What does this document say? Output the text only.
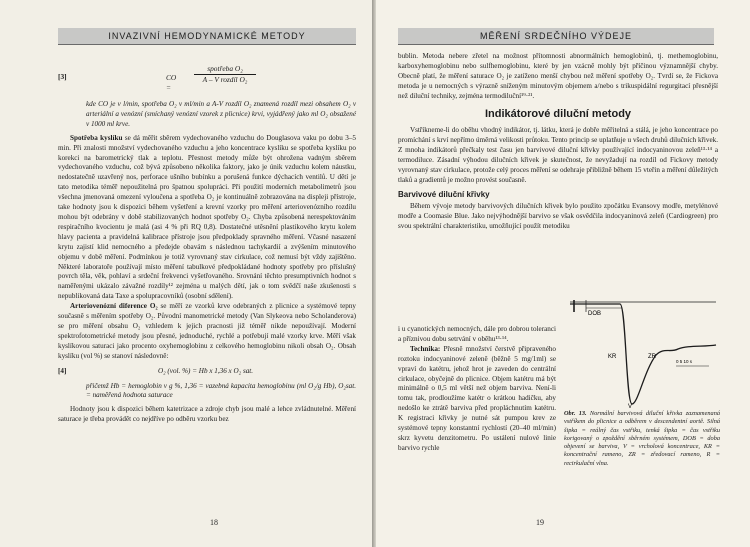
INVAZIVNÍ HEMODYNAMICKÉ METODY
[3]	CO =
spotřeba O₂
A – V rozdíl O₂

kde CO je v l/min, spotřeba O₂ v ml/min a A-V rozdíl O₂ znamená rozdíl mezi obsahem O₂ v arteriální a venózní (smíchaný venózní vzorek z plicnice) krvi, vyjádřený jako ml O₂ obsažené v 1000 ml krve.

Spotřeba kyslíku se dá měřit sběrem vydechovaného vzduchu do Douglasova vaku po dobu 3–5 min. Při znalosti množství vydechovaného vzduchu a jeho koncentrace kyslíku se spotřeba kyslíku po korekci na barometrický tlak a teplotu. Přesnost metody může být ohrožena vadným sběrem vydechovaného vzduchu, což bývá způsobeno několika faktory, jako je únik vzduchu kolem náustku, nedostatečně uzavřený nos, perforace ušního bubínku a porušená funkce dýchacích ventilů. U dětí je tato metodika téměř nepoužitelná pro špatnou spolupráci. Při použití moderních metabolimetrů jsou všechna jmenovaná omezení vyloučena a spotřeba O₂ je kontinuálně zobrazována na displeji přístroje, take hodnoty jsou k dispozici během vyšetření a krevní vzorky pro měření arteriovenózního rozdílu mohou být odebrány v době stabilizovaných hodnot spotřeby O₂. Chyba způsobená nerespektováním respiračního kvocientu je malá (asi 4 % při RQ 0,8). Dostatečné utěsnění plastikového krytu kolem hlavy pacienta a pravidelná kalibrace přístroje jsou předpoklady spravného měření. Včasné nasazení krytu zajistí klid nemocného a předejde obavám s následnou tachykardií a zvýšením minutového objemu v době měření. Podmínkou je totiž vyrovnaný stav cirkulace, což nemusí být vždy zajištěno. Některé laboratoře používají místo měření tabulkové předpokládané hodnoty spotřeby pro příslušný povrch těla, věk, pohlaví a srdeční frekvenci vyšetřovaného. Srovnání těchto presumptivních hodnot s naměřenými ukázalo závažné rozdíly¹² zejména u malých dětí, jak o tom svědčí naše zkušenosti s nepublikovaná data Taxe a spolupracovníků (osobní sdělení).

Arteriovenózní diference O₂ se měří ze vzorků krve odebraných z plicnice a systémové tepny současně s měřením spotřeby O₂. Původní manometrické metody (Van Slykeova nebo Scholanderova) se pro měření obsahu O₂ vzhledem k jejich pracnosti již téměř nikde nepoužívají. Moderní spektrofotometrické metody jsou přesné, jednoduché, rychlé a potřebují malé vzorky krve. Měří však kyslíkovou saturaci jako procento oxyhemoglobinu z celkového hemoglobinu nikoli obsah O₂. Obsah kyslíku (vol %) se stanoví následovně:

[4]	O₂ (vol. %) = Hb x 1,36 x O₂ sat.

přičemž Hb = hemoglobin v g %, 1,36 = vazebná kapacita hemoglobinu (ml O₂/g Hb), O₂sat. = naměřená hodnota saturace

Hodnoty jsou k dispozici během katetrizace a zdroje chyb jsou malé a lehce zvládnutelné. Měření saturace je třeba provádět co nejdříve po odběru vzorku bez

18
MĚŘENÍ SRDEČNÍHO VÝDEJE

bublin. Metoda nebere zřetel na možnost přítomnosti abnormálních hemoglobinů, tj. methemoglobinu, karboxyhemoglobinu nebo sulfhemoglobinu, které by jen vzácně mohly být příčinou významnější chyby. Obecně platí, že měření saturace O₂ je zatíženo menší chybou než měření spotřeby O₂. Tvrdí se, že Fickova metoda je u nemocných s výrazně sníženým minutovým objemem a/nebo s trikuspidální regurgitací přesnější než diluční techniky, zejména termodiluční¹⁹·²¹.

Indikátorové diluční metody

Vstříkneme-li do oběhu vhodný indikátor, tj. látku, která je dobře měřitelná a stálá, je jeho koncentrace po promíchání s krví nepřímo úměrná velikosti průtoku. Tento princip se uplatňuje u všech druhů dilučních křivek. Z mnoha indikátorů přečkaly test času jen barvivové diluční křivky používající indocyaninovou zeleň¹³·¹⁴ a termodiluce. Zásadní výhodou dilučních křivek je skutečnost, že nevyžadují na rozdíl od Fickovy metody vyrovnaný stav cirkulace, protože celý proces měření se odehraje přibližně během 15 vteřin a měření důležitých tlaků a gradientů je možno provést současně.

Barvivové diluční křivky

Během vývoje metody barvivových dilučních křivek bylo použito zpočátku Evansovy modře, metylénové modře a Coomasie Blue. Jako nejvýhodnější barvivo se však osvědčila indocyaninová zeleň (Cardiogreen) pro svou spektrální charakteristiku, umožňující použít metodiku

i u cyanotických nemocných, dále pro dobrou toleranci a příznivou dobu setrvání v oběhu¹³·¹⁴.

Technika: Přesně množství čerstvě připraveného roztoku indocyaninové zeleně (běžně 5 mg/1ml) se vpraví do katétru, jehož hrot je zaveden do centrální cirkulace, obyčejně do plicnice. Objem katétru má být minimálně o 0,5 ml větší než objem barviva. Není-li tomu tak, prodloužíme katétr o krátkou hadičku, aby nedošlo ke ztrátě barviva před propláchnutím katétru. K registraci křivky je nutné sát pumpou krev ze systémové tepny konstantní rychlostí (20–40 ml/min) skrz kyvetu denzitometru. Po ustálení nulové linie barvivo rychle

DOB
KR	ZR
V
0 5 10 s
Obr. 13. Normální barvivová diluční křivka zaznamenaná vstříkem do plicnice a odběrem v descendentní aortě. Silná šipka = reálný čas vstřiku, tenká šipka = čas vstřiku korigovaný o zpoždění sběrném systémem, DOB = doba objevení se barviva, V = vrcholová koncentrace, KR = koncentrační rameno, ZR = zředovací rameno, R = recirkulační vlna.
19
